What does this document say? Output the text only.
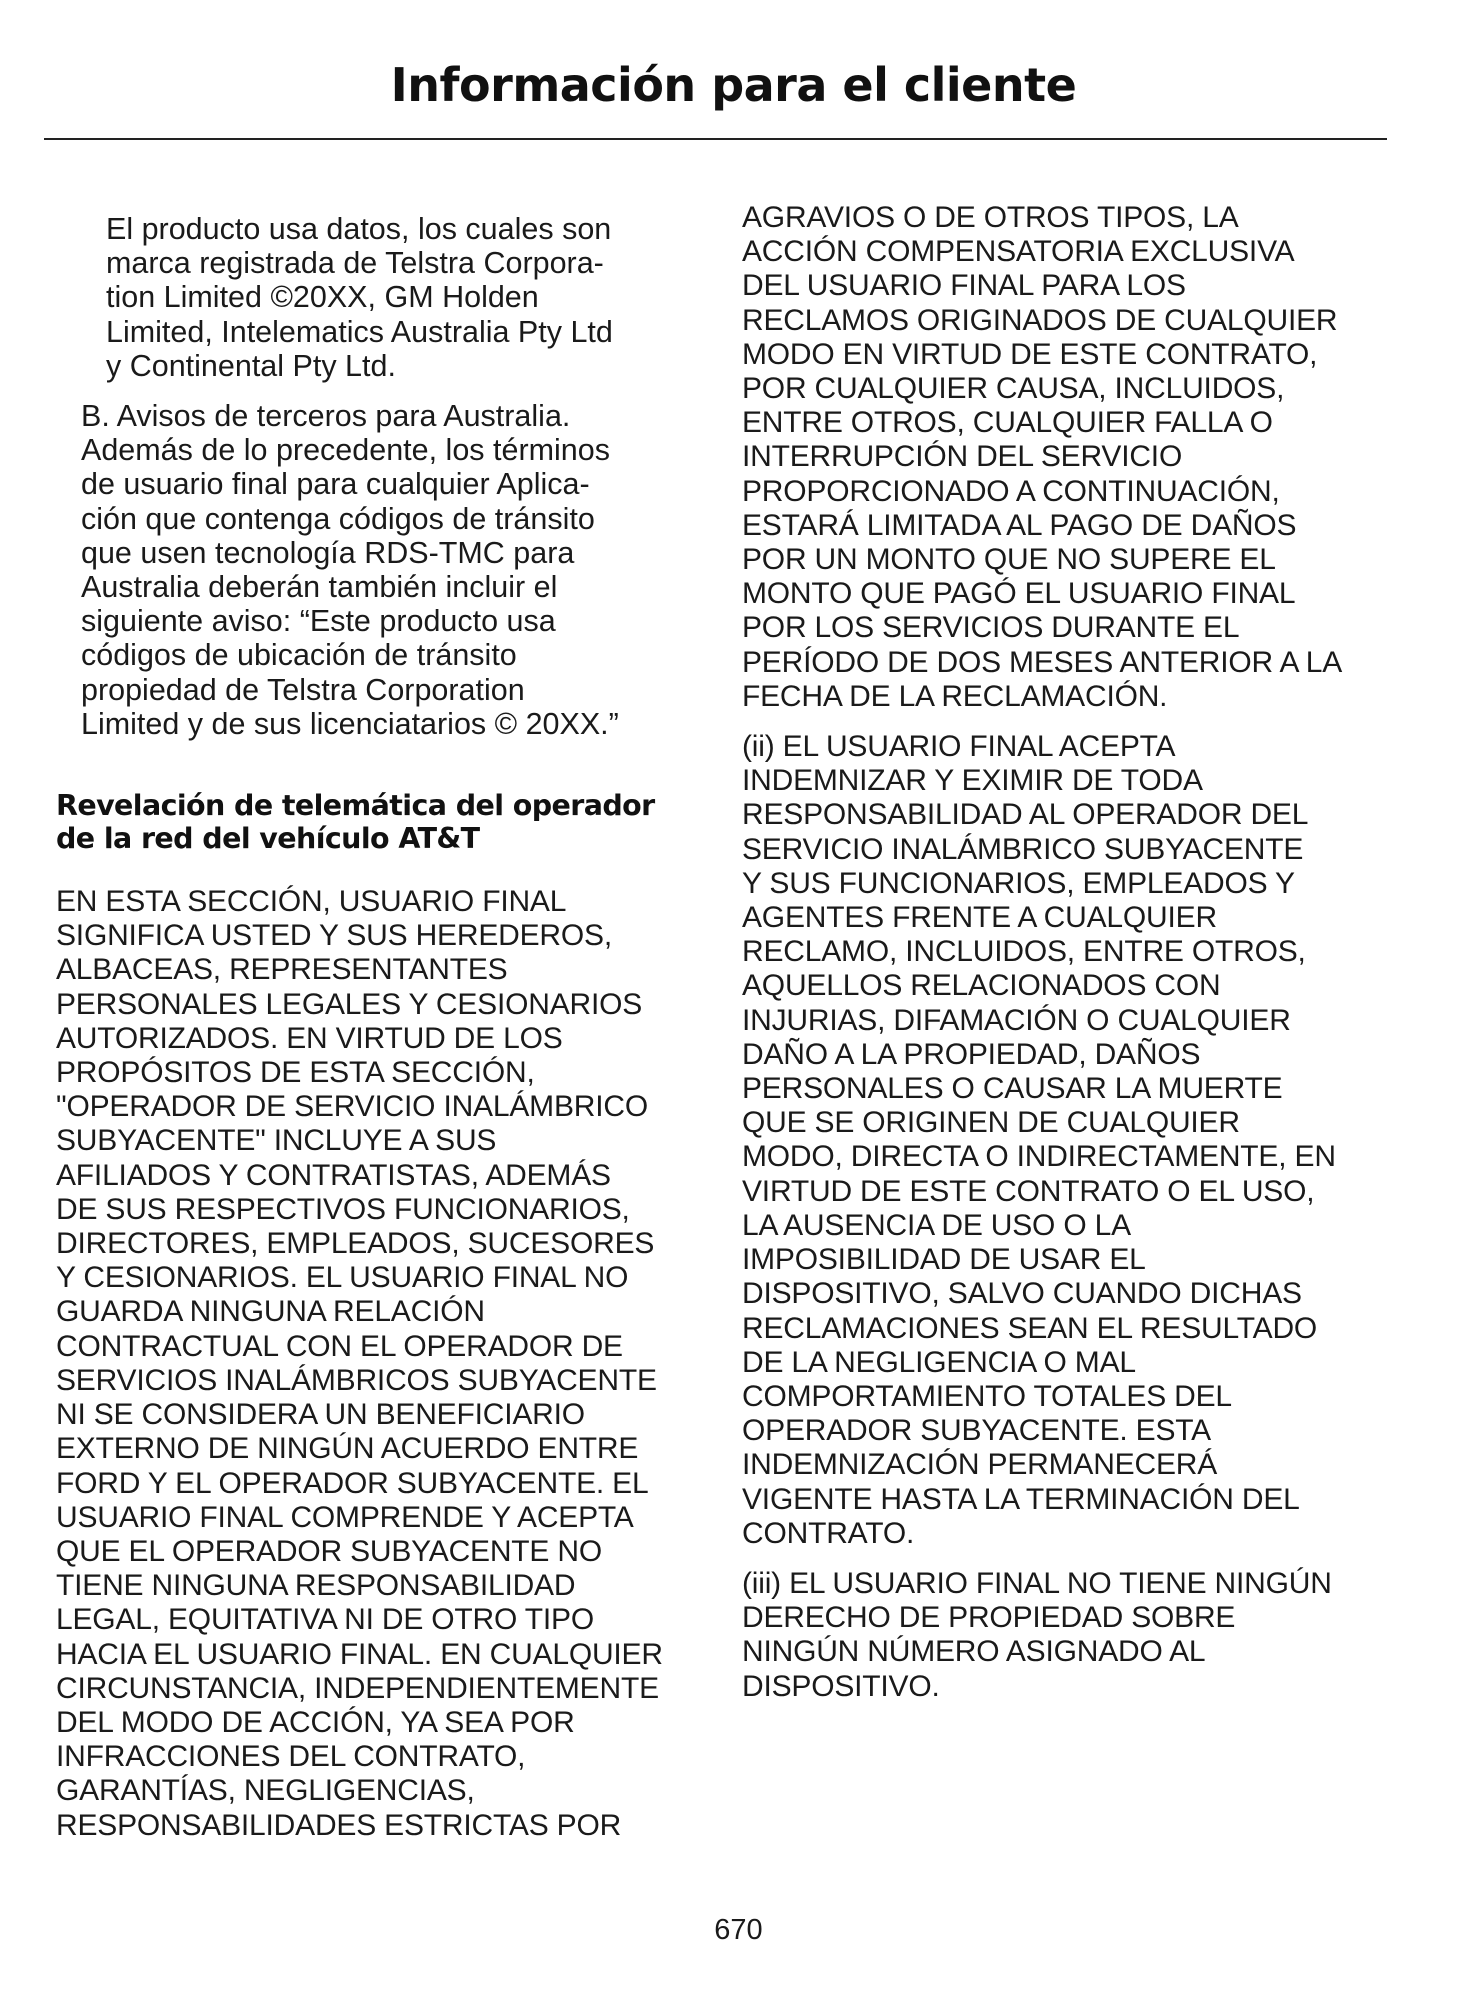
Información para el cliente

El producto usa datos, los cuales son
marca registrada de Telstra Corpora-
tion Limited ©20XX, GM Holden
Limited, Intelematics Australia Pty Ltd
y Continental Pty Ltd.

B. Avisos de terceros para Australia.
Además de lo precedente, los términos
de usuario final para cualquier Aplica-
ción que contenga códigos de tránsito
que usen tecnología RDS-TMC para
Australia deberán también incluir el
siguiente aviso: “Este producto usa
códigos de ubicación de tránsito
propiedad de Telstra Corporation
Limited y de sus licenciatarios © 20XX.”

Revelación de telemática del operador
de la red del vehículo AT&T

EN ESTA SECCIÓN, USUARIO FINAL
SIGNIFICA USTED Y SUS HEREDEROS,
ALBACEAS, REPRESENTANTES
PERSONALES LEGALES Y CESIONARIOS
AUTORIZADOS. EN VIRTUD DE LOS
PROPÓSITOS DE ESTA SECCIÓN,
"OPERADOR DE SERVICIO INALÁMBRICO
SUBYACENTE" INCLUYE A SUS
AFILIADOS Y CONTRATISTAS, ADEMÁS
DE SUS RESPECTIVOS FUNCIONARIOS,
DIRECTORES, EMPLEADOS, SUCESORES
Y CESIONARIOS. EL USUARIO FINAL NO
GUARDA NINGUNA RELACIÓN
CONTRACTUAL CON EL OPERADOR DE
SERVICIOS INALÁMBRICOS SUBYACENTE
NI SE CONSIDERA UN BENEFICIARIO
EXTERNO DE NINGÚN ACUERDO ENTRE
FORD Y EL OPERADOR SUBYACENTE. EL
USUARIO FINAL COMPRENDE Y ACEPTA
QUE EL OPERADOR SUBYACENTE NO
TIENE NINGUNA RESPONSABILIDAD
LEGAL, EQUITATIVA NI DE OTRO TIPO
HACIA EL USUARIO FINAL. EN CUALQUIER
CIRCUNSTANCIA, INDEPENDIENTEMENTE
DEL MODO DE ACCIÓN, YA SEA POR
INFRACCIONES DEL CONTRATO,
GARANTÍAS, NEGLIGENCIAS,
RESPONSABILIDADES ESTRICTAS POR

AGRAVIOS O DE OTROS TIPOS, LA
ACCIÓN COMPENSATORIA EXCLUSIVA
DEL USUARIO FINAL PARA LOS
RECLAMOS ORIGINADOS DE CUALQUIER
MODO EN VIRTUD DE ESTE CONTRATO,
POR CUALQUIER CAUSA, INCLUIDOS,
ENTRE OTROS, CUALQUIER FALLA O
INTERRUPCIÓN DEL SERVICIO
PROPORCIONADO A CONTINUACIÓN,
ESTARÁ LIMITADA AL PAGO DE DAÑOS
POR UN MONTO QUE NO SUPERE EL
MONTO QUE PAGÓ EL USUARIO FINAL
POR LOS SERVICIOS DURANTE EL
PERÍODO DE DOS MESES ANTERIOR A LA
FECHA DE LA RECLAMACIÓN.

(ii) EL USUARIO FINAL ACEPTA
INDEMNIZAR Y EXIMIR DE TODA
RESPONSABILIDAD AL OPERADOR DEL
SERVICIO INALÁMBRICO SUBYACENTE
Y SUS FUNCIONARIOS, EMPLEADOS Y
AGENTES FRENTE A CUALQUIER
RECLAMO, INCLUIDOS, ENTRE OTROS,
AQUELLOS RELACIONADOS CON
INJURIAS, DIFAMACIÓN O CUALQUIER
DAÑO A LA PROPIEDAD, DAÑOS
PERSONALES O CAUSAR LA MUERTE
QUE SE ORIGINEN DE CUALQUIER
MODO, DIRECTA O INDIRECTAMENTE, EN
VIRTUD DE ESTE CONTRATO O EL USO,
LA AUSENCIA DE USO O LA
IMPOSIBILIDAD DE USAR EL
DISPOSITIVO, SALVO CUANDO DICHAS
RECLAMACIONES SEAN EL RESULTADO
DE LA NEGLIGENCIA O MAL
COMPORTAMIENTO TOTALES DEL
OPERADOR SUBYACENTE. ESTA
INDEMNIZACIÓN PERMANECERÁ
VIGENTE HASTA LA TERMINACIÓN DEL
CONTRATO.

(iii) EL USUARIO FINAL NO TIENE NINGÚN
DERECHO DE PROPIEDAD SOBRE
NINGÚN NÚMERO ASIGNADO AL
DISPOSITIVO.

670
